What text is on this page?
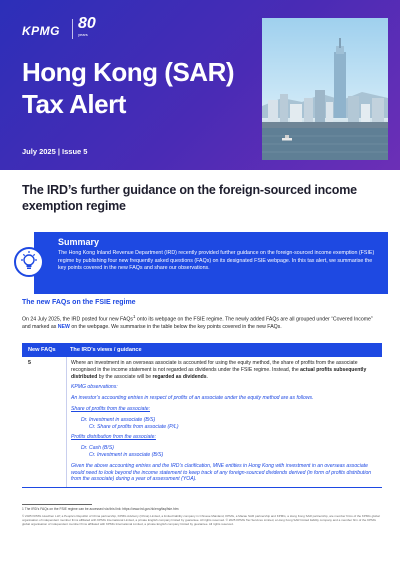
KPMG 80
years
Hong Kong (SAR)
Tax Alert
July 2025 | Issue 5
The IRD’s further guidance on the foreign-sourced income exemption regime
Summary
The Hong Kong Inland Revenue Department (IRD) recently provided further guidance on the foreign-sourced income exemption (FSIE) regime by publishing four new frequently asked questions (FAQs) on its designated FSIE webpage. In this tax alert, we summarise the key points covered in the new FAQs and share our observations.
The new FAQs on the FSIE regime
On 24 July 2025, the IRD posted four new FAQs$^1$ onto its webpage on the FSIE regime. The newly added FAQs are all grouped under “Covered Income” and marked as NEW on the webpage. We summarise in the table below the key points covered in the new FAQs.
New FAQs	The IRD’s views / guidance
5	Where an investment in an overseas associate is accounted for using the equity method, the share of profits from the associate recognised in the income statement is not regarded as dividends under the FSIE regime. Instead, the actual profits subsequently distributed by the associate will be regarded as dividends.

KPMG observations:

An investor’s accounting entries in respect of profits of an associate under the equity method are as follows.

Share of profits from the associate:

Dr. Investment in associate (B/S)

Cr. Share of profits from associate (P/L)

Profits distribution from the associate:

Dr. Cash (B/S)

Cr. Investment in associate (B/S)

Given the above accounting entries and the IRD’s clarification, MNE entities in Hong Kong with investment in an overseas associate would need to look beyond the income statement to keep track of any foreign-sourced dividends derived (in form of profits distribution from the associate) during a year of assessment (YOA).

1 The IRD’s FAQs on the FSIE regime can be accessed via this link: https://www.ird.gov.hk/eng/faq/fsie.htm
© 2025 KPMG Huazhen LLP, a People’s Republic of China partnership, KPMG Advisory (China) Limited, a limited liability company in Chinese Mainland, KPMG, a Macau SAR partnership and KPMG, a Hong Kong SAR partnership, are member firms of the KPMG global organisation of independent member firms affiliated with KPMG International Limited, a private English company limited by guarantee. All rights reserved. © 2025 KPMG Tax Services Limited, a Hong Kong SAR limited liability company and a member firm of the KPMG global organisation of independent member firms affiliated with KPMG International Limited, a private English company limited by guarantee. All rights reserved.
